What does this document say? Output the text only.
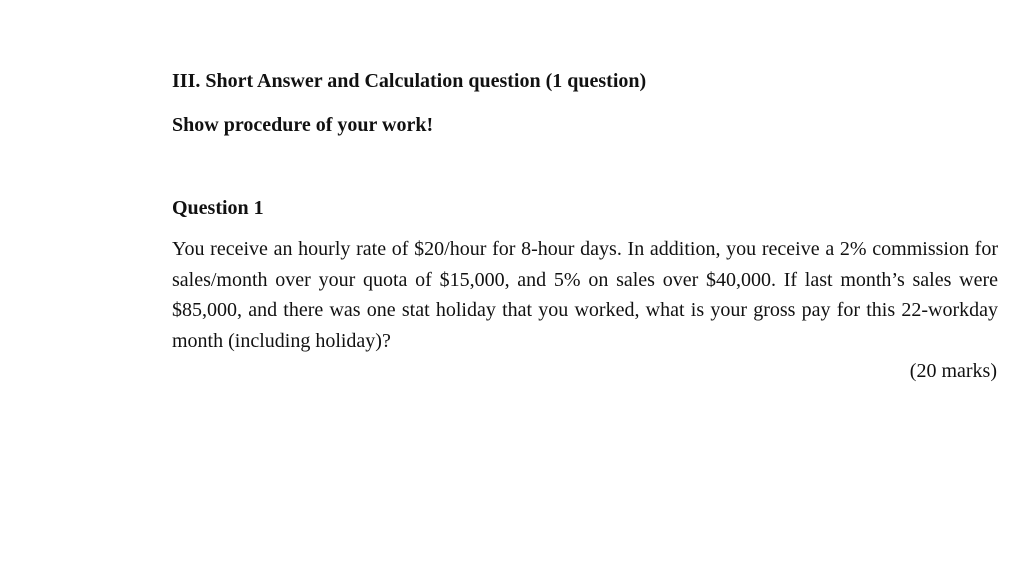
III. Short Answer and Calculation question (1 question)
Show procedure of your work!
Question 1
You receive an hourly rate of $20/hour for 8-hour days. In addition, you receive a 2% commission for sales/month over your quota of $15,000, and 5% on sales over $40,000. If last month’s sales were $85,000, and there was one stat holiday that you worked, what is your gross pay for this 22-workday month (including holiday)?
(20 marks)
